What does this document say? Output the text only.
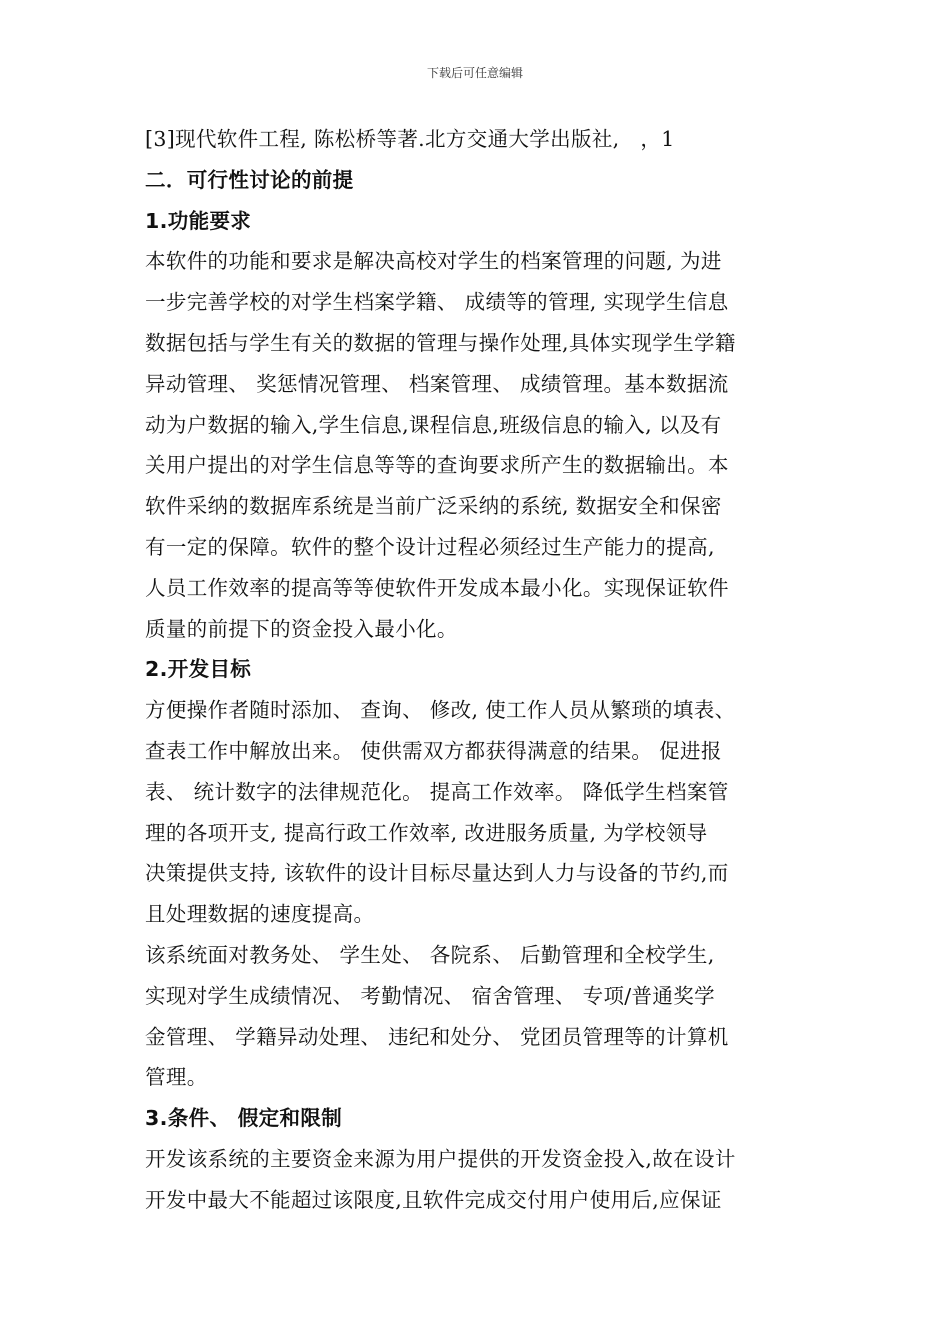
下载后可任意编辑
[3]现代软件工程, 陈松桥等著.北方交通大学出版社,　，1
二．可行性讨论的前提
1.功能要求
本软件的功能和要求是解决高校对学生的档案管理的问题, 为进
一步完善学校的对学生档案学籍、 成绩等的管理, 实现学生信息
数据包括与学生有关的数据的管理与操作处理,具体实现学生学籍
异动管理、 奖惩情况管理、 档案管理、 成绩管理。基本数据流
动为户数据的输入,学生信息,课程信息,班级信息的输入, 以及有
关用户提出的对学生信息等等的查询要求所产生的数据输出。本
软件采纳的数据库系统是当前广泛采纳的系统, 数据安全和保密
有一定的保障。软件的整个设计过程必须经过生产能力的提高,
人员工作效率的提高等等使软件开发成本最小化。实现保证软件
质量的前提下的资金投入最小化。
2.开发目标
方便操作者随时添加、 查询、 修改, 使工作人员从繁琐的填表、
查表工作中解放出来。 使供需双方都获得满意的结果。 促进报
表、 统计数字的法律规范化。 提高工作效率。 降低学生档案管
理的各项开支, 提高行政工作效率, 改进服务质量, 为学校领导
决策提供支持, 该软件的设计目标尽量达到人力与设备的节约,而
且处理数据的速度提高。
该系统面对教务处、 学生处、 各院系、 后勤管理和全校学生,
实现对学生成绩情况、 考勤情况、 宿舍管理、 专项/普通奖学
金管理、 学籍异动处理、 违纪和处分、 党团员管理等的计算机
管理。
3.条件、 假定和限制
开发该系统的主要资金来源为用户提供的开发资金投入,故在设计
开发中最大不能超过该限度,且软件完成交付用户使用后,应保证
